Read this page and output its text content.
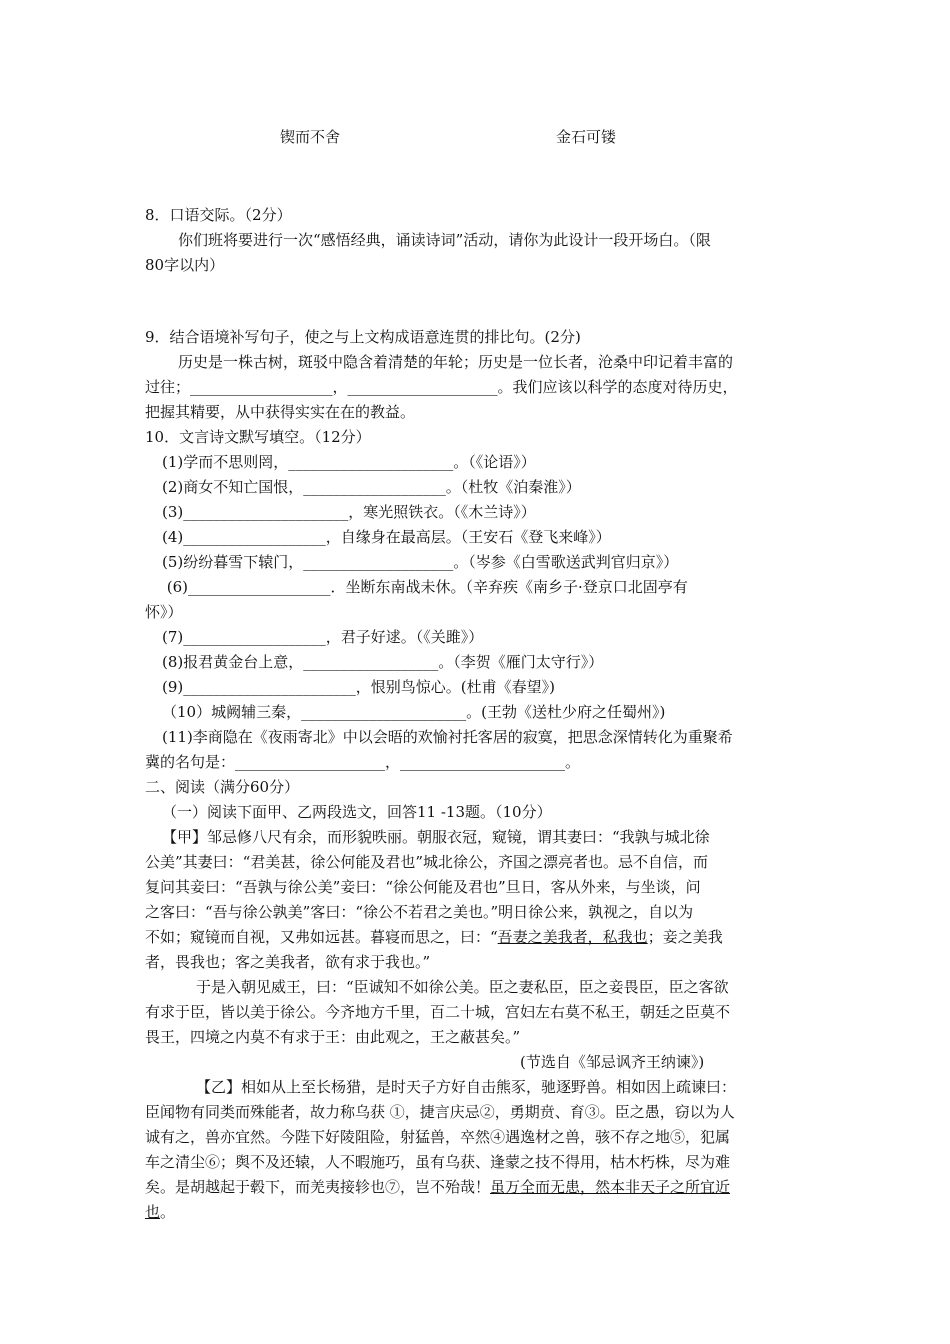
锲而不舍	金石可镂
8．口语交际。（2分）
你们班将要进行一次“感悟经典，诵读诗词”活动，请你为此设计一段开场白。（限
80字以内）
9．结合语境补写句子，使之与上文构成语意连贯的排比句。(2分)
历史是一株古树，斑驳中隐含着清楚的年轮；历史是一位长者，沧桑中印记着丰富的
过往；___________________，____________________。我们应该以科学的态度对待历史，
把握其精要，从中获得实实在在的教益。
10．文言诗文默写填空。（12分）
(1)学而不思则罔，______________________。（《论语》）
(2)商女不知亡国恨，___________________。（杜牧《泊秦淮》）
(3)______________________，寒光照铁衣。（《木兰诗》）
(4)___________________，自缘身在最高层。（王安石《登飞来峰》）
(5)纷纷暮雪下辕门，____________________。（岑参《白雪歌送武判官归京》）
(6)___________________．坐断东南战未休。（辛弃疾《南乡子·登京口北固亭有
怀》）
(7)___________________，君子好逑。（《关雎》）
(8)报君黄金台上意，__________________。（李贺《雁门太守行》）
(9)_______________________，恨别鸟惊心。(杜甫《春望》)
（10）城阙辅三秦，______________________。(王勃《送杜少府之任蜀州》)
(11)李商隐在《夜雨寄北》中以会晤的欢愉衬托客居的寂寞，把思念深情转化为重聚希
冀的名句是：____________________，______________________。
二、阅读（满分60分）
（一）阅读下面甲、乙两段选文，回答11 -13题。（10分）
【甲】邹忌修八尺有余，而形貌昳丽。朝服衣冠，窥镜，谓其妻曰：“我孰与城北徐
公美”其妻曰：“君美甚，徐公何能及君也”城北徐公，齐国之漂亮者也。忌不自信，而
复问其妾曰：“吾孰与徐公美”妾曰：“徐公何能及君也”旦日，客从外来，与坐谈，问
之客曰：“吾与徐公孰美”客曰：“徐公不若君之美也。”明日徐公来，孰视之，自以为
不如；窥镜而自视，又弗如远甚。暮寝而思之，曰：“吾妻之美我者，私我也；妾之美我
者，畏我也；客之美我者，欲有求于我也。”
于是入朝见威王，曰：“臣诚知不如徐公美。臣之妻私臣，臣之妾畏臣，臣之客欲
有求于臣，皆以美于徐公。今齐地方千里，百二十城，宫妇左右莫不私王，朝廷之臣莫不
畏王，四境之内莫不有求于王：由此观之，王之蔽甚矣。”
(节选自《邹忌讽齐王纳谏》)
【乙】相如从上至长杨猎，是时天子方好自击熊豕，驰逐野兽。相如因上疏谏曰：
臣闻物有同类而殊能者，故力称乌获 ①，捷言庆忌②，勇期贲、育③。臣之愚，窃以为人
诚有之，兽亦宜然。今陛下好陵阻险，射猛兽，卒然④遇逸材之兽，骇不存之地⑤，犯属
车之清尘⑥；舆不及还辕，人不暇施巧，虽有乌获、逢蒙之技不得用，枯木朽株，尽为难
矣。是胡越起于毂下，而羌夷接轸也⑦，岂不殆哉！虽万全而无患，然本非天子之所宜近
也。
